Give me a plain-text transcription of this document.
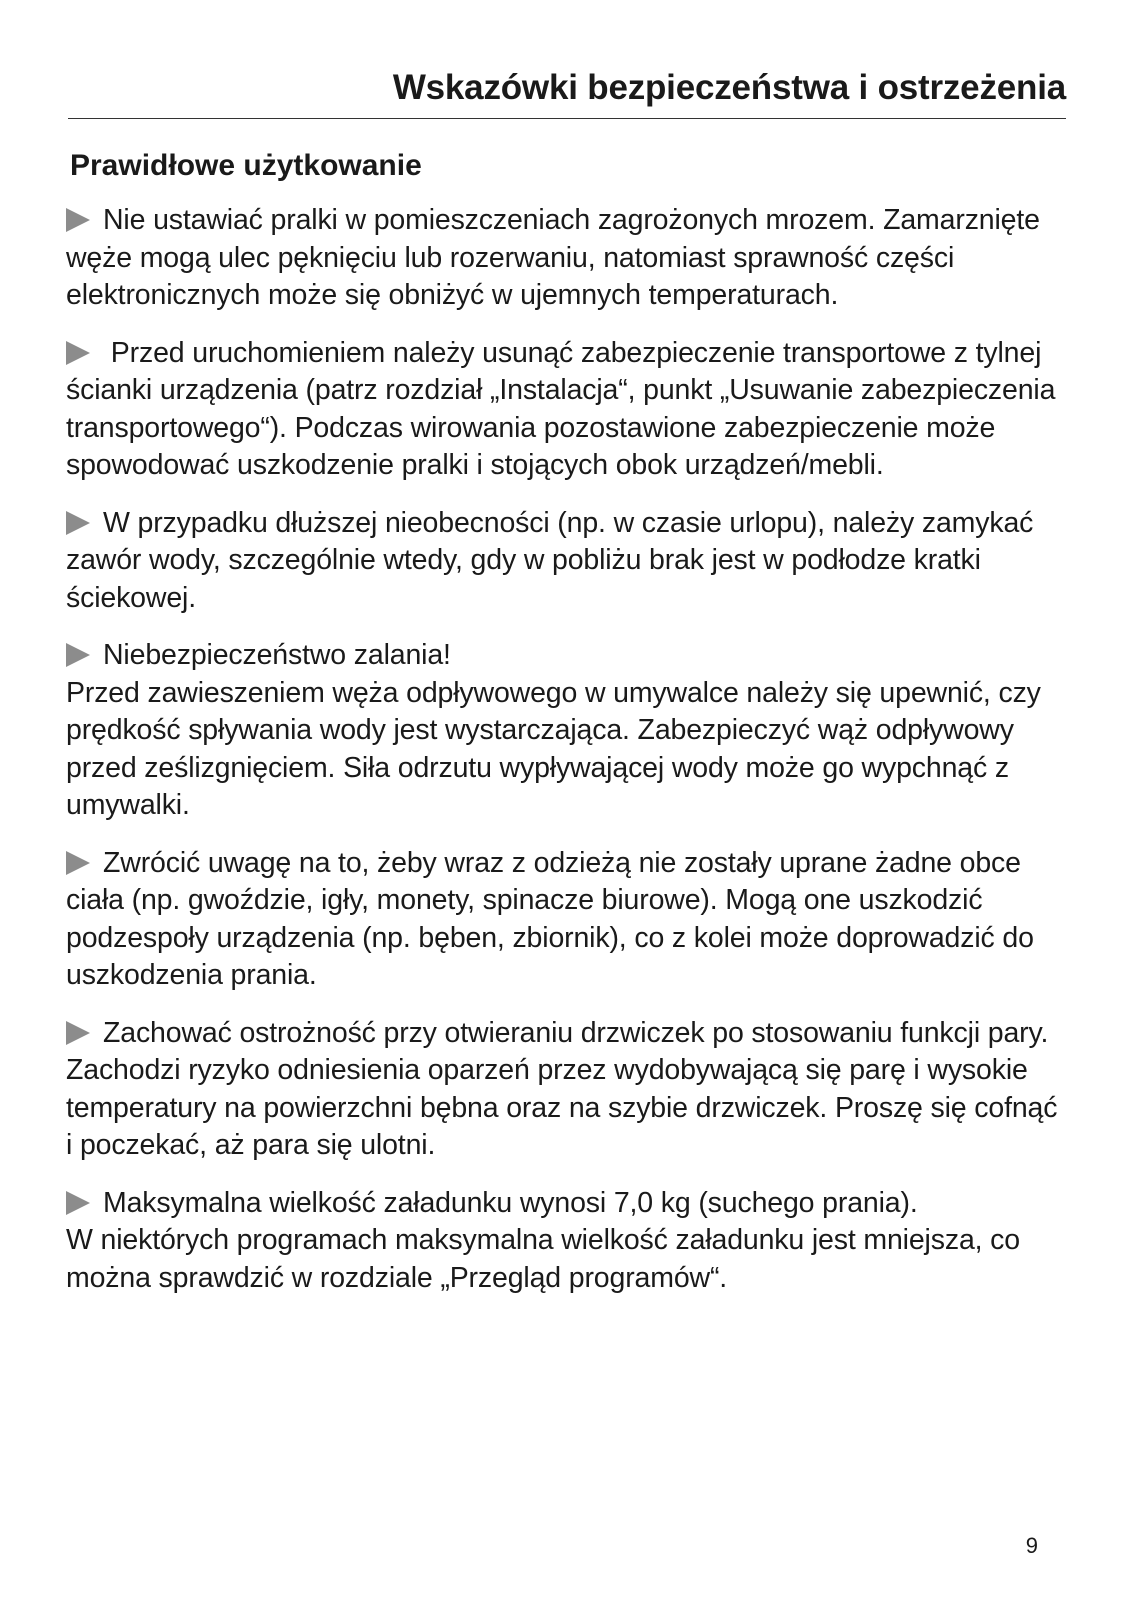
Wskazówki bezpieczeństwa i ostrzeżenia
Prawidłowe użytkowanie

Nie ustawiać pralki w pomieszczeniach zagrożonych mrozem. Zamarznięte węże mogą ulec pęknięciu lub rozerwaniu, natomiast sprawność części elektronicznych może się obniżyć w ujemnych temperaturach.

Przed uruchomieniem należy usunąć zabezpieczenie transportowe z tylnej ścianki urządzenia (patrz rozdział „Instalacja“, punkt „Usuwanie zabezpieczenia transportowego“). Podczas wirowania pozostawione zabezpieczenie może spowodować uszkodzenie pralki i stojących obok urządzeń/mebli.

W przypadku dłuższej nieobecności (np. w czasie urlopu), należy zamykać zawór wody, szczególnie wtedy, gdy w pobliżu brak jest w podłodze kratki ściekowej.

Niebezpieczeństwo zalania!
Przed zawieszeniem węża odpływowego w umywalce należy się upewnić, czy prędkość spływania wody jest wystarczająca. Zabezpieczyć wąż odpływowy przed ześlizgnięciem. Siła odrzutu wypływającej wody może go wypchnąć z umywalki.

Zwrócić uwagę na to, żeby wraz z odzieżą nie zostały uprane żadne obce ciała (np. gwoździe, igły, monety, spinacze biurowe). Mogą one uszkodzić podzespoły urządzenia (np. bęben, zbiornik), co z kolei może doprowadzić do uszkodzenia prania.

Zachować ostrożność przy otwieraniu drzwiczek po stosowaniu funkcji pary. Zachodzi ryzyko odniesienia oparzeń przez wydobywającą się parę i wysokie temperatury na powierzchni bębna oraz na szybie drzwiczek. Proszę się cofnąć i poczekać, aż para się ulotni.

Maksymalna wielkość załadunku wynosi 7,0 kg (suchego prania).
W niektórych programach maksymalna wielkość załadunku jest mniejsza, co można sprawdzić w rozdziale „Przegląd programów“.

9
